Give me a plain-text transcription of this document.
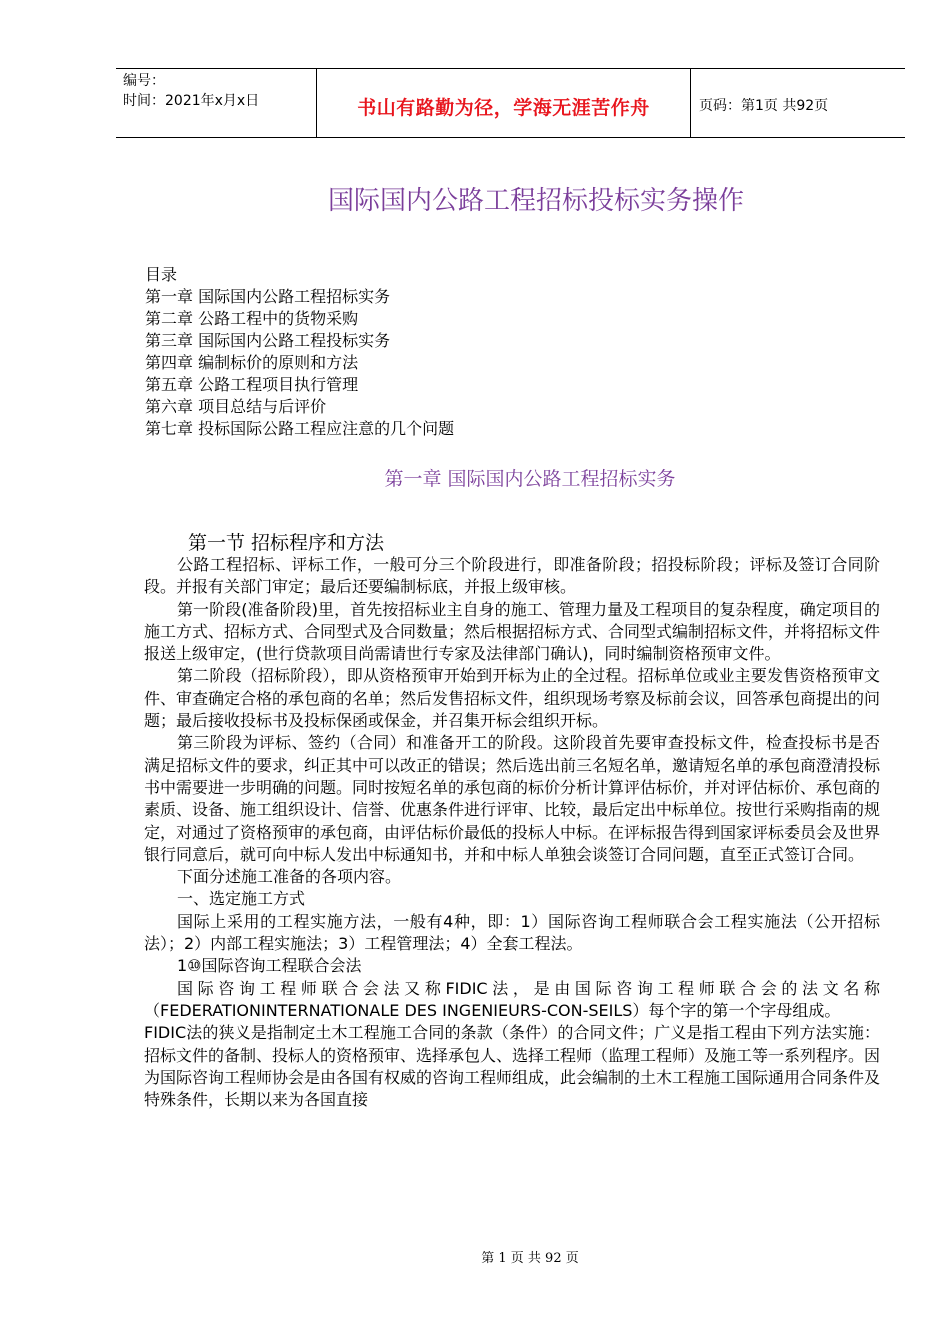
编号：
时间：2021年x月x日	书山有路勤为径，学海无涯苦作舟	页码：第1页 共92页
国际国内公路工程招标投标实务操作
目录
第一章 国际国内公路工程招标实务
第二章 公路工程中的货物采购
第三章 国际国内公路工程投标实务
第四章 编制标价的原则和方法
第五章 公路工程项目执行管理
第六章 项目总结与后评价
第七章 投标国际公路工程应注意的几个问题
第一章 国际国内公路工程招标实务
第一节 招标程序和方法

公路工程招标、评标工作，一般可分三个阶段进行，即准备阶段；招投标阶段；评标及签订合同阶段。并报有关部门审定；最后还要编制标底，并报上级审核。

第一阶段(准备阶段)里，首先按招标业主自身的施工、管理力量及工程项目的复杂程度，确定项目的施工方式、招标方式、合同型式及合同数量；然后根据招标方式、合同型式编制招标文件，并将招标文件报送上级审定，(世行贷款项目尚需请世行专家及法律部门确认)，同时编制资格预审文件。

第二阶段（招标阶段），即从资格预审开始到开标为止的全过程。招标单位或业主要发售资格预审文件、审查确定合格的承包商的名单；然后发售招标文件，组织现场考察及标前会议，回答承包商提出的问题；最后接收投标书及投标保函或保金，并召集开标会组织开标。

第三阶段为评标、签约（合同）和准备开工的阶段。这阶段首先要审查投标文件，检查投标书是否满足招标文件的要求，纠正其中可以改正的错误；然后选出前三名短名单，邀请短名单的承包商澄清投标书中需要进一步明确的问题。同时按短名单的承包商的标价分析计算评估标价，并对评估标价、承包商的素质、设备、施工组织设计、信誉、优惠条件进行评审、比较，最后定出中标单位。按世行采购指南的规定，对通过了资格预审的承包商，由评估标价最低的投标人中标。在评标报告得到国家评标委员会及世界银行同意后，就可向中标人发出中标通知书，并和中标人单独会谈签订合同问题，直至正式签订合同。

下面分述施工准备的各项内容。

一、选定施工方式

国际上采用的工程实施方法，一般有4种，即：1）国际咨询工程师联合会工程实施法（公开招标法）；2）内部工程实施法；3）工程管理法；4）全套工程法。

1⑩国际咨询工程联合会法

国际咨询工程师联合会法又称FIDIC法，是由国际咨询工程师联合会的法文名称（FEDERATIONINTERNATIONALE DES INGENIEURS-CON-SEILS）每个字的第一个字母组成。

FIDIC法的狭义是指制定土木工程施工合同的条款（条件）的合同文件；广义是指工程由下列方法实施：招标文件的备制、投标人的资格预审、选择承包人、选择工程师（监理工程师）及施工等一系列程序。因为国际咨询工程师协会是由各国有权威的咨询工程师组成，此会编制的土木工程施工国际通用合同条件及特殊条件，长期以来为各国直接

第 1 页 共 92 页
